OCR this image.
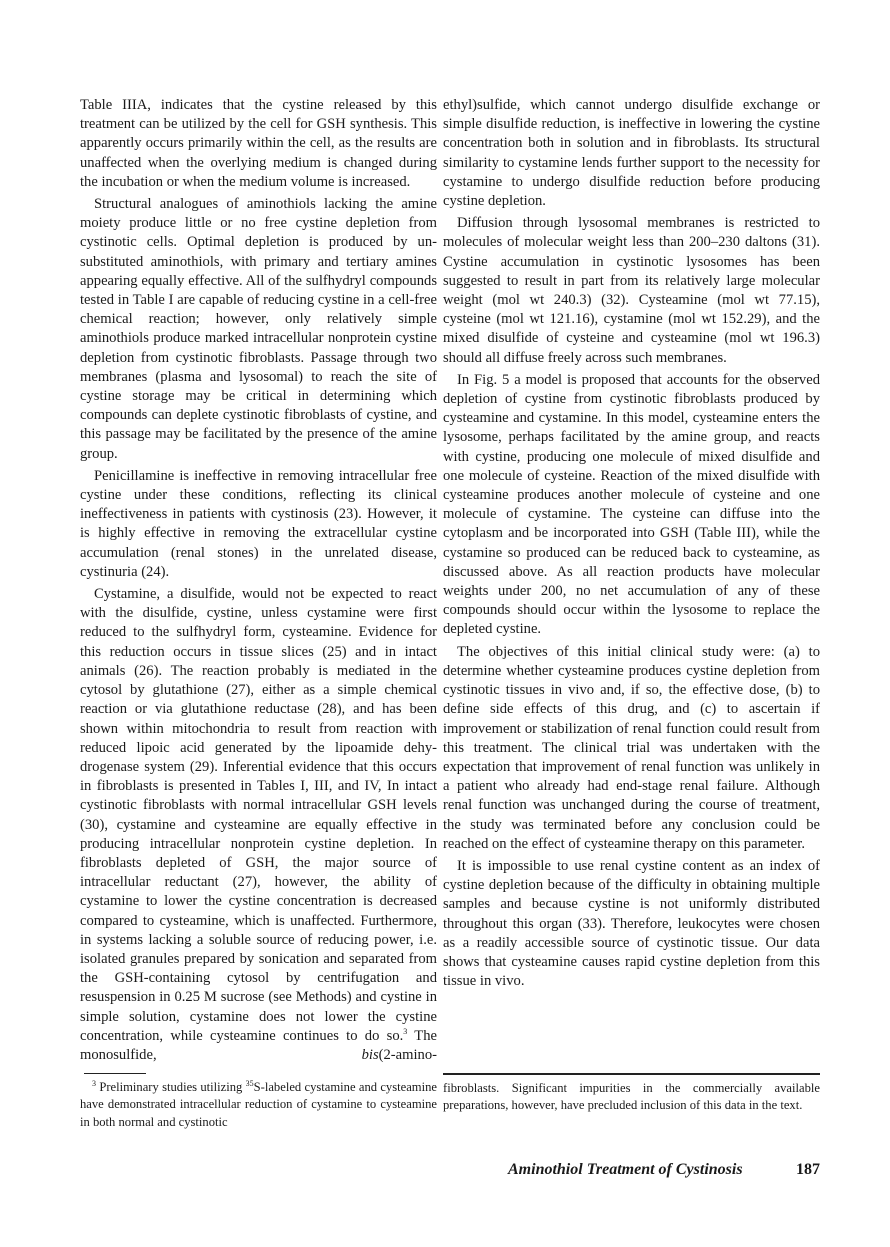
Table IIIA, indicates that the cystine released by this treatment can be utilized by the cell for GSH synthesis. This apparently occurs primarily within the cell, as the results are unaffected when the overlying medium is changed during the incubation or when the medium volume is increased.

Structural analogues of aminothiols lacking the amine moiety produce little or no free cystine depletion from cystinotic cells. Optimal depletion is produced by unsubstituted aminothiols, with primary and tertiary amines appearing equally effective. All of the sulfhydryl compounds tested in Table I are capable of reducing cystine in a cell-free chemical reaction; however, only relatively simple aminothiols produce marked intracellular nonprotein cystine depletion from cystinotic fibroblasts. Passage through two membranes (plasma and lysosomal) to reach the site of cystine storage may be critical in determining which compounds can deplete cystinotic fibroblasts of cystine, and this passage may be facilitated by the presence of the amine group.

Penicillamine is ineffective in removing intracellular free cystine under these conditions, reflecting its clinical ineffectiveness in patients with cystinosis (23). However, it is highly effective in removing the extracellular cystine accumulation (renal stones) in the unrelated disease, cystinuria (24).

Cystamine, a disulfide, would not be expected to react with the disulfide, cystine, unless cystamine were first reduced to the sulfhydryl form, cysteamine. Evidence for this reduction occurs in tissue slices (25) and in intact animals (26). The reaction probably is mediated in the cytosol by glutathione (27), either as a simple chemical reaction or via glutathione reductase (28), and has been shown within mitochondria to result from reaction with reduced lipoic acid generated by the lipoamide dehydrogenase system (29). Inferential evidence that this occurs in fibroblasts is presented in Tables I, III, and IV, In intact cystinotic fibroblasts with normal intracellular GSH levels (30), cystamine and cysteamine are equally effective in producing intracellular nonprotein cystine depletion. In fibroblasts depleted of GSH, the major source of intracellular reductant (27), however, the ability of cystamine to lower the cystine concentration is decreased compared to cysteamine, which is unaffected. Furthermore, in systems lacking a soluble source of reducing power, i.e. isolated granules prepared by sonication and separated from the GSH-containing cytosol by centrifugation and resuspension in 0.25 M sucrose (see Methods) and cystine in simple solution, cystamine does not lower the cystine concentration, while cysteamine continues to do so.$^3$ The monosulfide, bis(2-amino-

ethyl)sulfide, which cannot undergo disulfide exchange or simple disulfide reduction, is ineffective in lowering the cystine concentration both in solution and in fibroblasts. Its structural similarity to cystamine lends further support to the necessity for cystamine to undergo disulfide reduction before producing cystine depletion.

Diffusion through lysosomal membranes is restricted to molecules of molecular weight less than 200–230 daltons (31). Cystine accumulation in cystinotic lysosomes has been suggested to result in part from its relatively large molecular weight (mol wt 240.3) (32). Cysteamine (mol wt 77.15), cysteine (mol wt 121.16), cystamine (mol wt 152.29), and the mixed disulfide of cysteine and cysteamine (mol wt 196.3) should all diffuse freely across such membranes.

In Fig. 5 a model is proposed that accounts for the observed depletion of cystine from cystinotic fibroblasts produced by cysteamine and cystamine. In this model, cysteamine enters the lysosome, perhaps facilitated by the amine group, and reacts with cystine, producing one molecule of mixed disulfide and one molecule of cysteine. Reaction of the mixed disulfide with cysteamine produces another molecule of cysteine and one molecule of cystamine. The cysteine can diffuse into the cytoplasm and be incorporated into GSH (Table III), while the cystamine so produced can be reduced back to cysteamine, as discussed above. As all reaction products have molecular weights under 200, no net accumulation of any of these compounds should occur within the lysosome to replace the depleted cystine.

The objectives of this initial clinical study were: (a) to determine whether cysteamine produces cystine depletion from cystinotic tissues in vivo and, if so, the effective dose, (b) to define side effects of this drug, and (c) to ascertain if improvement or stabilization of renal function could result from this treatment. The clinical trial was undertaken with the expectation that improvement of renal function was unlikely in a patient who already had end-stage renal failure. Although renal function was unchanged during the course of treatment, the study was terminated before any conclusion could be reached on the effect of cysteamine therapy on this parameter.

It is impossible to use renal cystine content as an index of cystine depletion because of the difficulty in obtaining multiple samples and because cystine is not uniformly distributed throughout this organ (33). Therefore, leukocytes were chosen as a readily accessible source of cystinotic tissue. Our data shows that cysteamine causes rapid cystine depletion from this tissue in vivo.

$^3$ Preliminary studies utilizing $^{35}$S-labeled cystamine and cysteamine have demonstrated intracellular reduction of cystamine to cysteamine in both normal and cystinotic
fibroblasts. Significant impurities in the commercially available preparations, however, have precluded inclusion of this data in the text.
Aminothiol Treatment of Cystinosis	187
